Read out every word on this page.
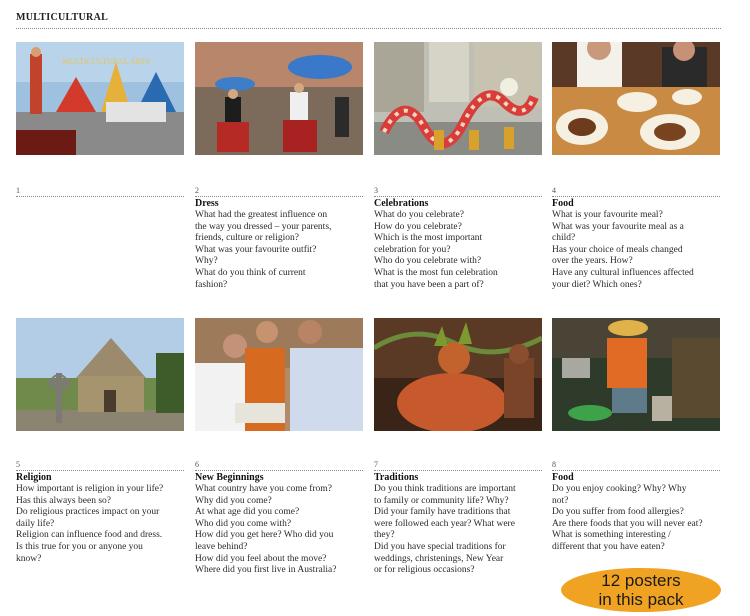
MULTICULTURAL
MULTICULTURAL ARTS
1	2
Dress
What had the greatest influence on
the way you dressed – your parents,
friends, culture or religion?
What was your favourite outfit?
Why?
What do you think of current
fashion?
3
Celebrations
What do you celebrate?
How do you celebrate?
Which is the most important
celebration for you?
Who do you celebrate with?
What is the most fun celebration
that you have been a part of?
4
Food
What is your favourite meal?
What was your favourite meal as a
child?
Has your choice of meals changed
over the years. How?
Have any cultural influences affected
your diet? Which ones?
5
Religion
How important is religion in your life?
Has this always been so?
Do religious practices impact on your
daily life?
Religion can influence food and dress.
Is this true for you or anyone you
know?
6
New Beginnings
What country have you come from?
Why did you come?
At what age did you come?
Who did you come with?
How did you get here? Who did you
leave behind?
How did you feel about the move?
Where did you first live in Australia?
7
Traditions
Do you think traditions are important
to family or community life? Why?
Did your family have traditions that
were followed each year? What were
they?
Did you have special traditions for
weddings, christenings, New Year
or for religious occasions?
8
Food
Do you enjoy cooking? Why? Why
not?
Do you suffer from food allergies?
Are there foods that you will never eat?
What is something interesting /
different that you have eaten?
12 posters
in this pack
